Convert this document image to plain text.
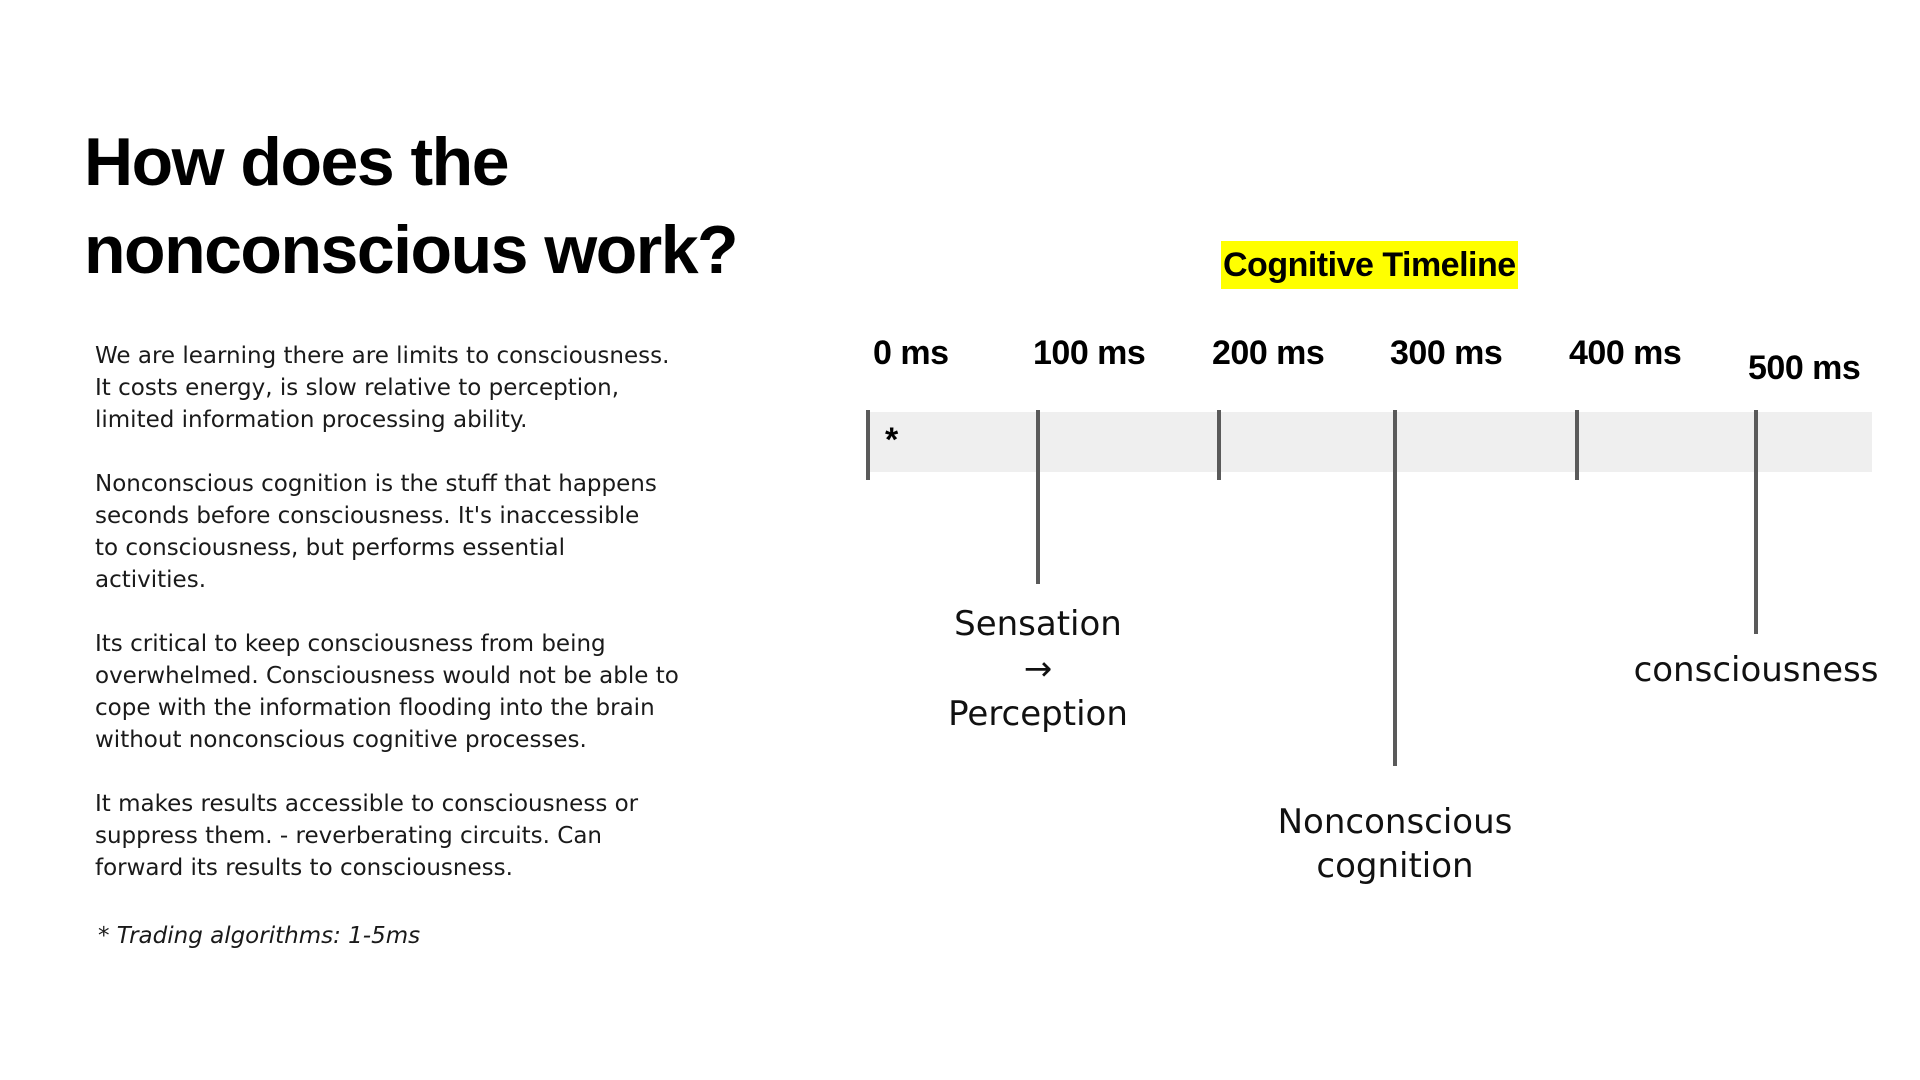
How does the
nonconscious work?

We are learning there are limits to consciousness.
It costs energy, is slow relative to perception,
limited information processing ability.

Nonconscious cognition is the stuff that happens
seconds before consciousness. It's inaccessible
to consciousness, but performs essential
activities.

Its critical to keep consciousness from being
overwhelmed. Consciousness would not be able to
cope with the information flooding into the brain
without nonconscious cognitive processes.

It makes results accessible to consciousness or
suppress them. - reverberating circuits. Can
forward its results to consciousness.

* Trading algorithms: 1-5ms
Cognitive Timeline
0 ms 100 ms 200 ms 300 ms 400 ms 500 ms
*
Sensation
→
Perception
Nonconscious
cognition
consciousness
